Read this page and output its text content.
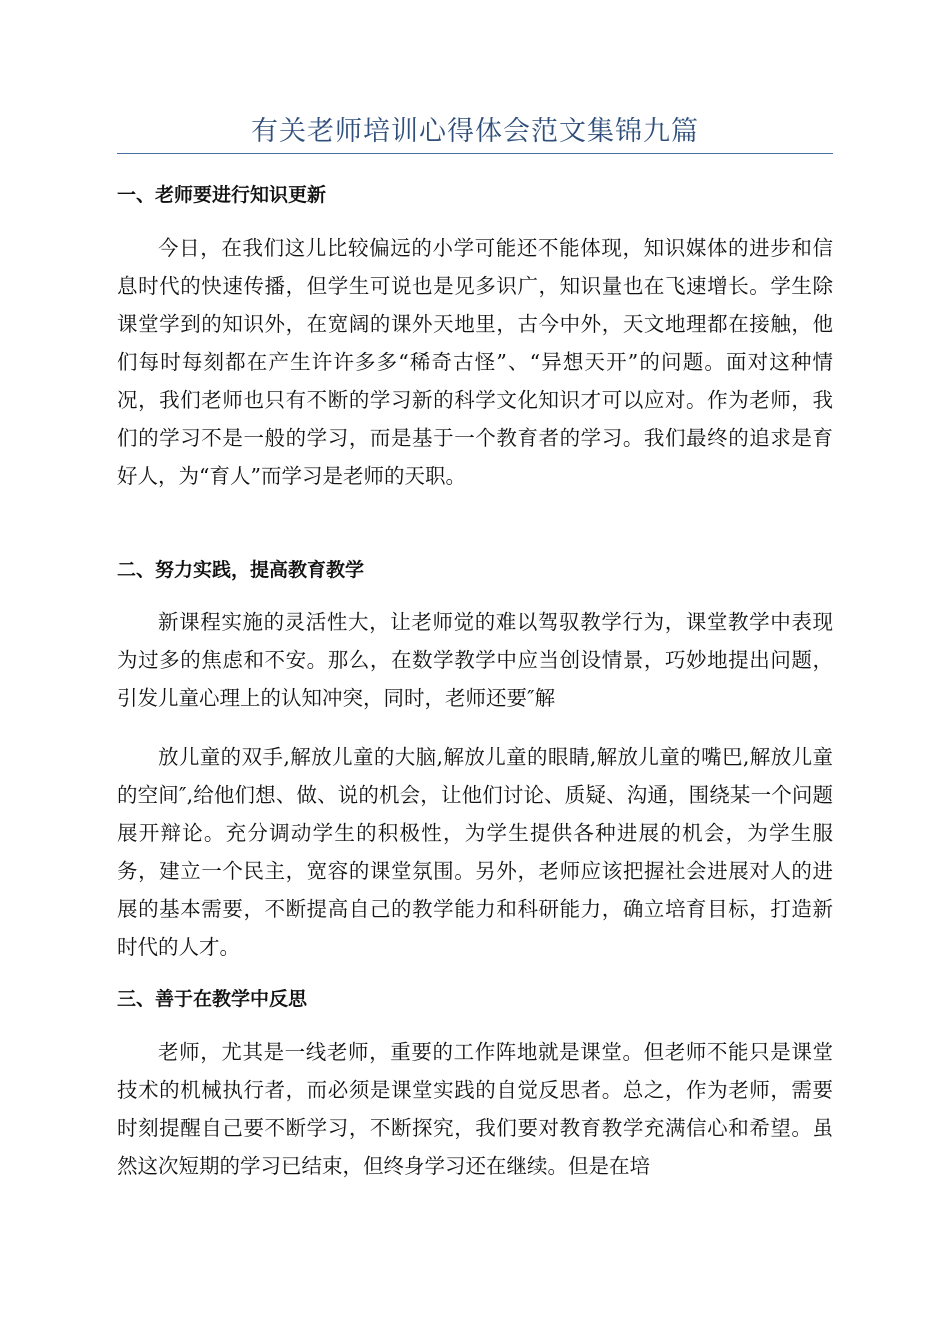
有关老师培训心得体会范文集锦九篇
一、老师要进行知识更新

今日，在我们这儿比较偏远的小学可能还不能体现，知识媒体的进步和信息时代的快速传播，但学生可说也是见多识广，知识量也在飞速增长。学生除课堂学到的知识外，在宽阔的课外天地里，古今中外，天文地理都在接触，他们每时每刻都在产生许许多多“稀奇古怪”、“异想天开”的问题。面对这种情况，我们老师也只有不断的学习新的科学文化知识才可以应对。作为老师，我们的学习不是一般的学习，而是基于一个教育者的学习。我们最终的追求是育好人，为“育人”而学习是老师的天职。

二、努力实践，提高教育教学

新课程实施的灵活性大，让老师觉的难以驾驭教学行为，课堂教学中表现为过多的焦虑和不安。那么，在数学教学中应当创设情景，巧妙地提出问题，引发儿童心理上的认知冲突，同时，老师还要″解

放儿童的双手,解放儿童的大脑,解放儿童的眼睛,解放儿童的嘴巴,解放儿童的空间″,给他们想、做、说的机会，让他们讨论、质疑、沟通，围绕某一个问题展开辩论。充分调动学生的积极性，为学生提供各种进展的机会，为学生服务，建立一个民主，宽容的课堂氛围。另外，老师应该把握社会进展对人的进展的基本需要，不断提高自己的教学能力和科研能力，确立培育目标，打造新时代的人才。

三、善于在教学中反思

老师，尤其是一线老师，重要的工作阵地就是课堂。但老师不能只是课堂技术的机械执行者，而必须是课堂实践的自觉反思者。总之，作为老师，需要时刻提醒自己要不断学习，不断探究，我们要对教育教学充满信心和希望。虽然这次短期的学习已结束，但终身学习还在继续。但是在培
